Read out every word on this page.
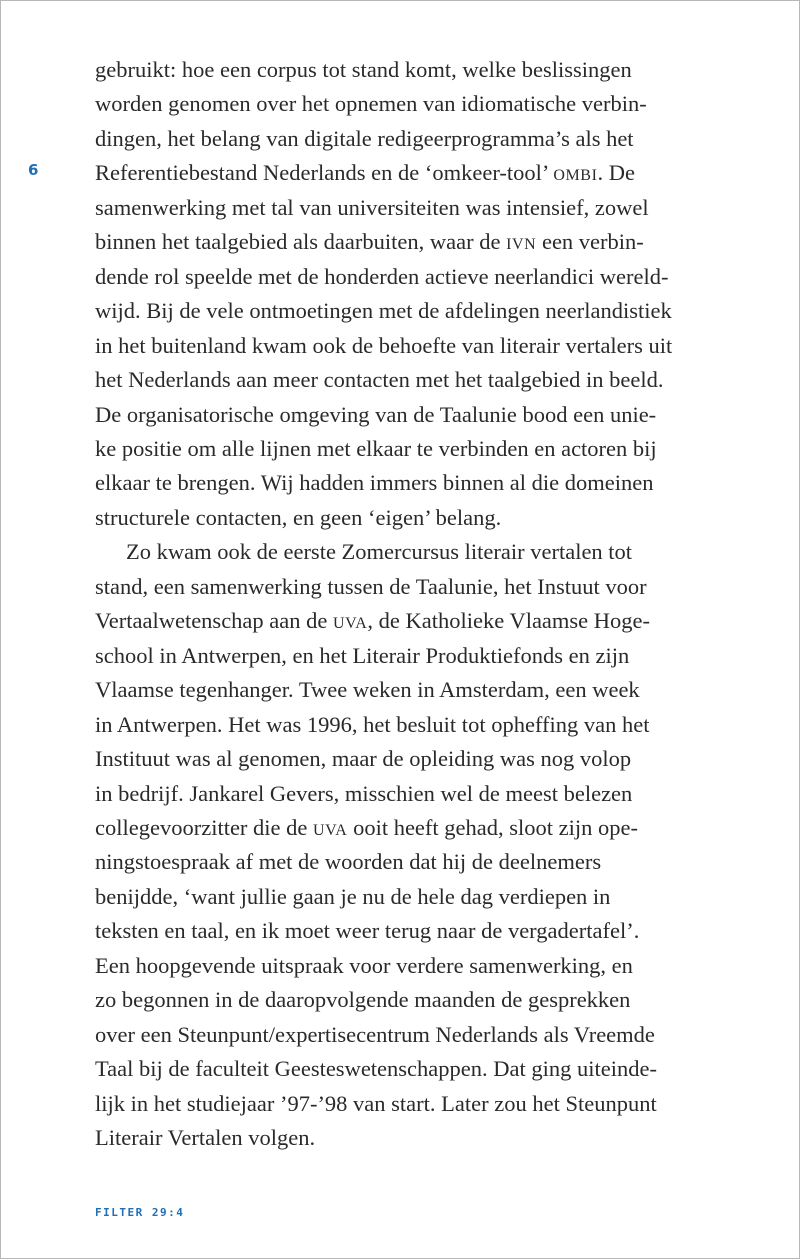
6
gebruikt: hoe een corpus tot stand komt, welke beslissingen
worden genomen over het opnemen van idiomatische verbin-
dingen, het belang van digitale redigeerprogramma’s als het
Referentiebestand Nederlands en de ‘omkeer-tool’ ombi. De
samenwerking met tal van universiteiten was intensief, zowel
binnen het taalgebied als daarbuiten, waar de ivn een verbin-
dende rol speelde met de honderden actieve neerlandici wereld-
wijd. Bij de vele ontmoetingen met de afdelingen neerlandistiek
in het buitenland kwam ook de behoefte van literair vertalers uit
het Nederlands aan meer contacten met het taalgebied in beeld.
De organisatorische omgeving van de Taalunie bood een unie-
ke positie om alle lijnen met elkaar te verbinden en actoren bij
elkaar te brengen. Wij hadden immers binnen al die domeinen
structurele contacten, en geen ‘eigen’ belang.
Zo kwam ook de eerste Zomercursus literair vertalen tot
stand, een samenwerking tussen de Taalunie, het Instuut voor
Vertaalwetenschap aan de uva, de Katholieke Vlaamse Hoge-
school in Antwerpen, en het Literair Produktiefonds en zijn
Vlaamse tegenhanger. Twee weken in Amsterdam, een week
in Antwerpen. Het was 1996, het besluit tot opheffing van het
Instituut was al genomen, maar de opleiding was nog volop
in bedrijf. Jankarel Gevers, misschien wel de meest belezen
collegevoorzitter die de uva ooit heeft gehad, sloot zijn ope-
ningstoespraak af met de woorden dat hij de deelnemers
benijdde, ‘want jullie gaan je nu de hele dag verdiepen in
teksten en taal, en ik moet weer terug naar de vergadertafel’.
Een hoopgevende uitspraak voor verdere samenwerking, en
zo begonnen in de daaropvolgende maanden de gesprekken
over een Steunpunt/expertisecentrum Nederlands als Vreemde
Taal bij de faculteit Geesteswetenschappen. Dat ging uiteinde-
lijk in het studiejaar ’97-’98 van start. Later zou het Steunpunt
Literair Vertalen volgen.
FILTER 29:4
